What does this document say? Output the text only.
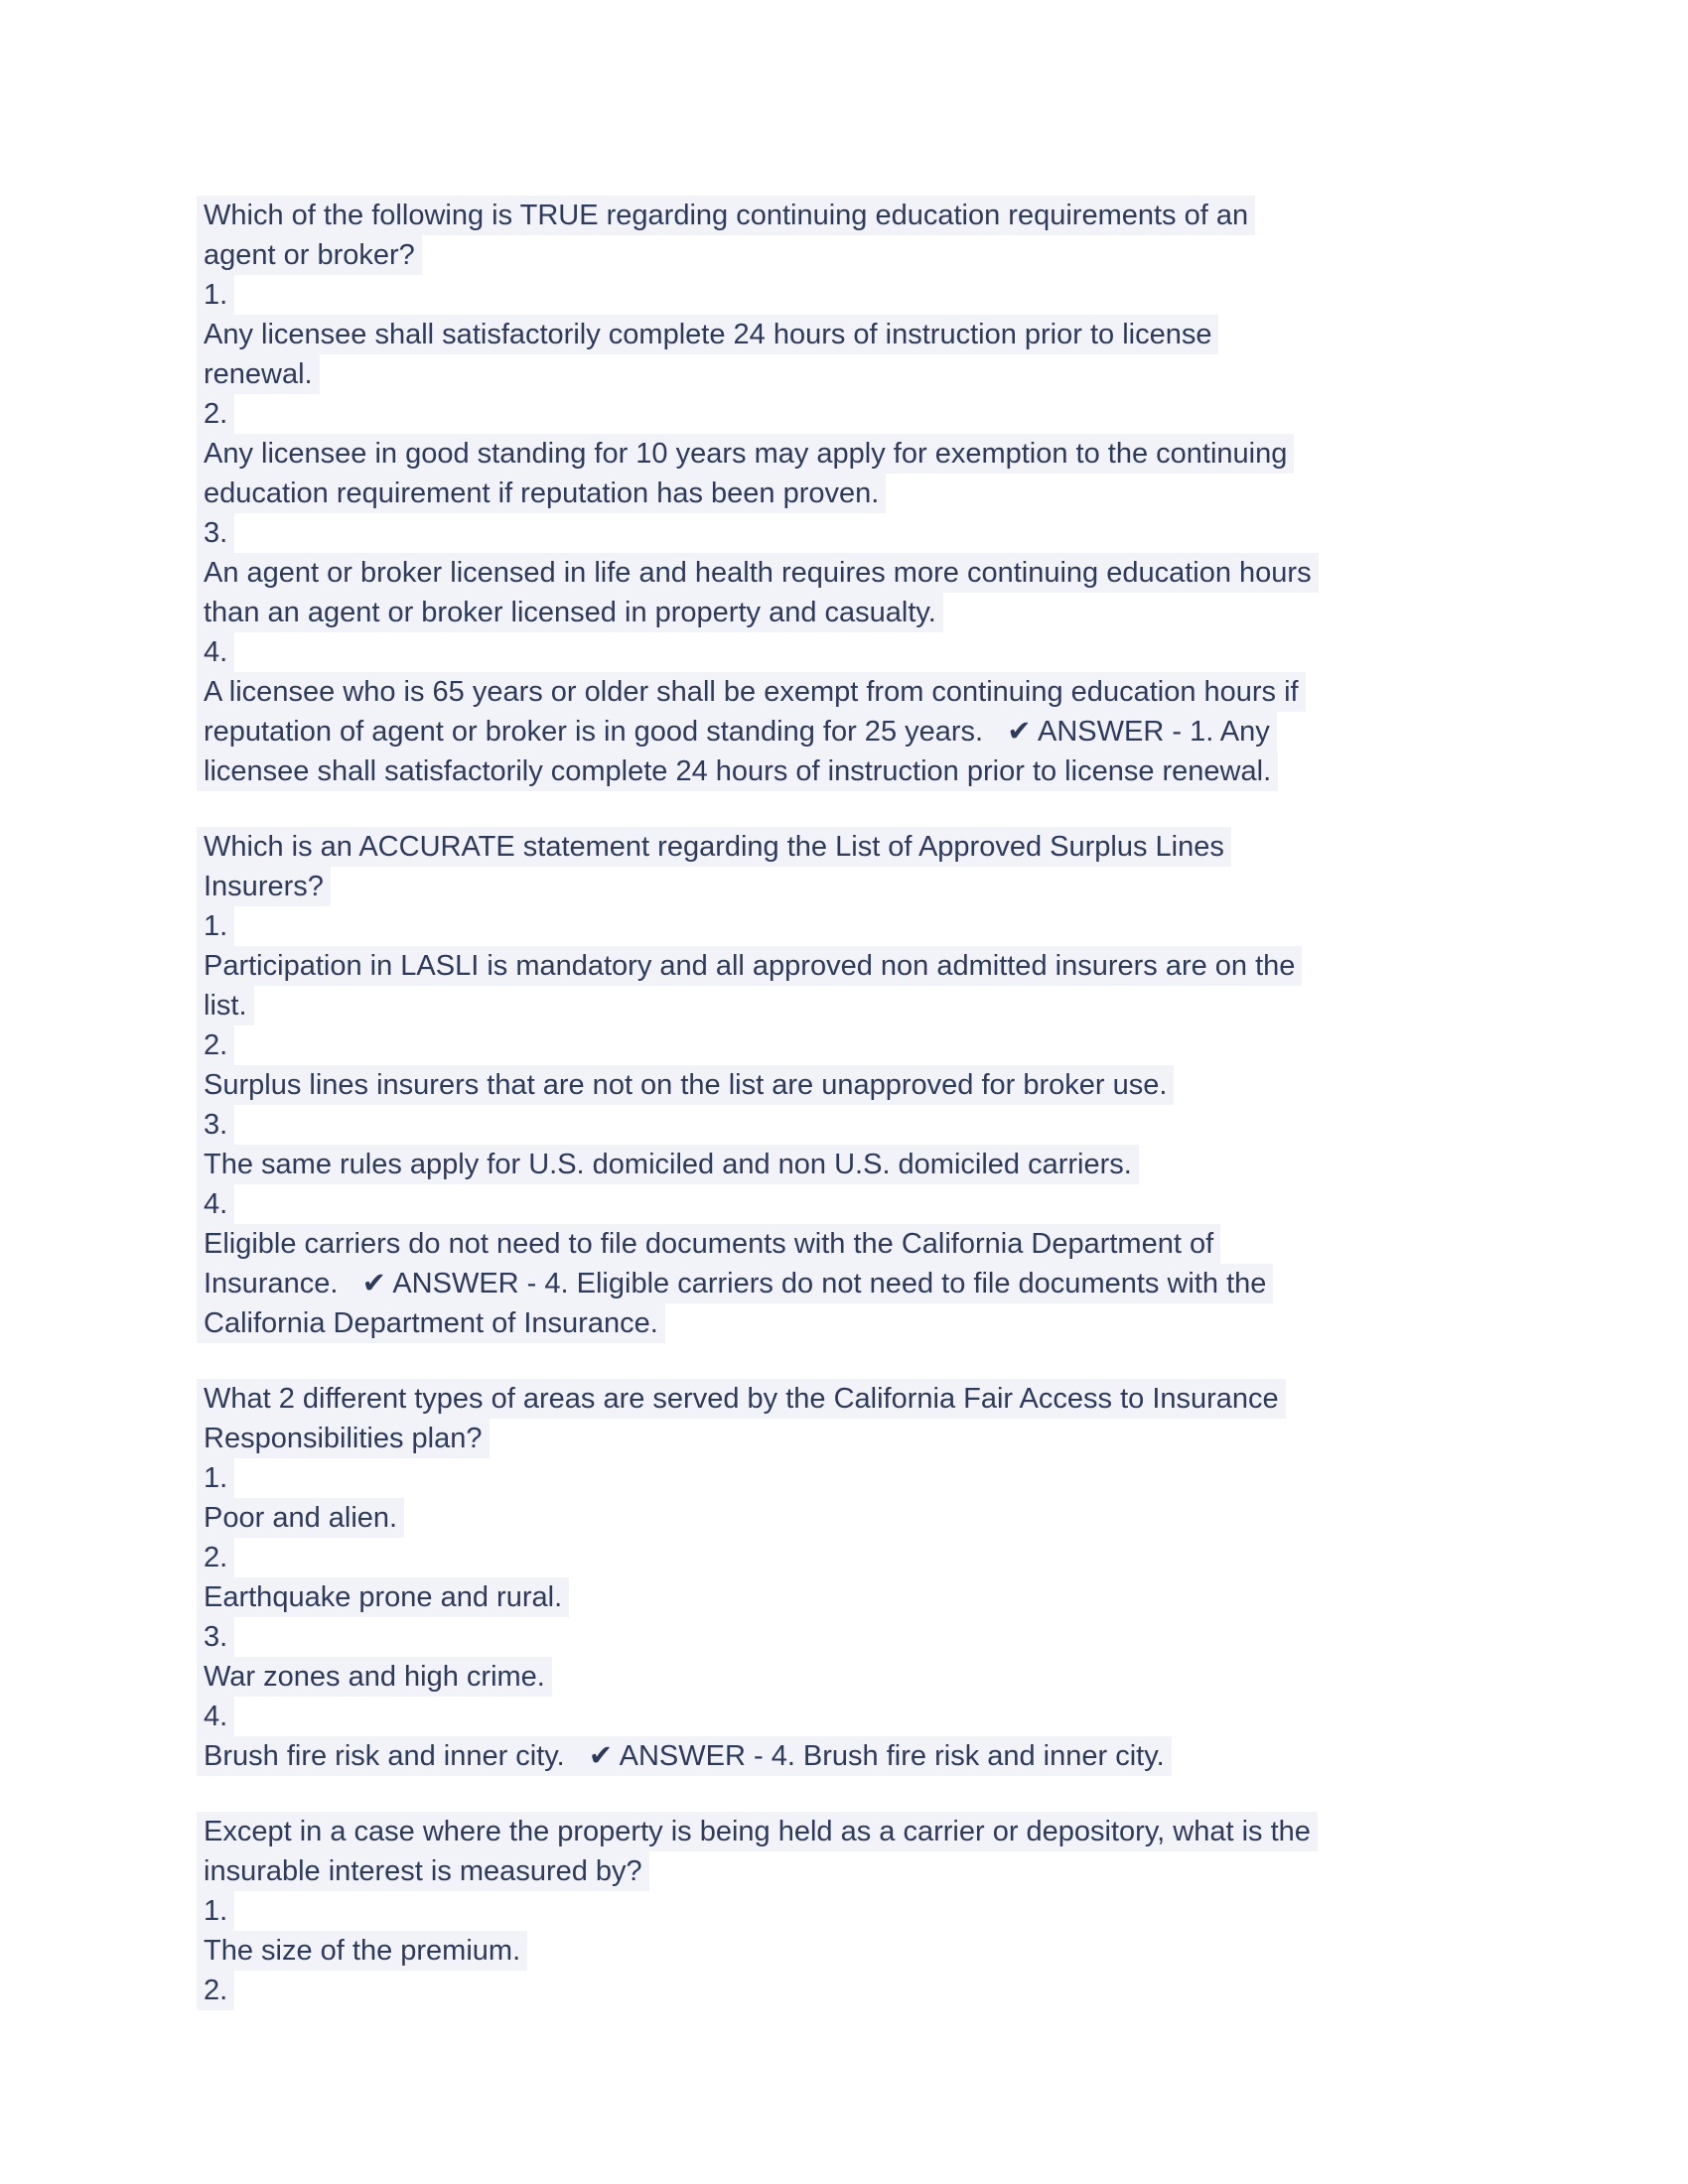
Which of the following is TRUE regarding continuing education requirements of an
agent or broker?
1.
Any licensee shall satisfactorily complete 24 hours of instruction prior to license
renewal.
2.
Any licensee in good standing for 10 years may apply for exemption to the continuing
education requirement if reputation has been proven.
3.
An agent or broker licensed in life and health requires more continuing education hours
than an agent or broker licensed in property and casualty.
4.
A licensee who is 65 years or older shall be exempt from continuing education hours if
reputation of agent or broker is in good standing for 25 years.   ✔ ANSWER - 1. Any
licensee shall satisfactorily complete 24 hours of instruction prior to license renewal.
Which is an ACCURATE statement regarding the List of Approved Surplus Lines
Insurers?
1.
Participation in LASLI is mandatory and all approved non admitted insurers are on the
list.
2.
Surplus lines insurers that are not on the list are unapproved for broker use.
3.
The same rules apply for U.S. domiciled and non U.S. domiciled carriers.
4.
Eligible carriers do not need to file documents with the California Department of
Insurance.   ✔ ANSWER - 4. Eligible carriers do not need to file documents with the
California Department of Insurance.
What 2 different types of areas are served by the California Fair Access to Insurance
Responsibilities plan?
1.
Poor and alien.
2.
Earthquake prone and rural.
3.
War zones and high crime.
4.
Brush fire risk and inner city.   ✔ ANSWER - 4. Brush fire risk and inner city.
Except in a case where the property is being held as a carrier or depository, what is the
insurable interest is measured by?
1.
The size of the premium.
2.
